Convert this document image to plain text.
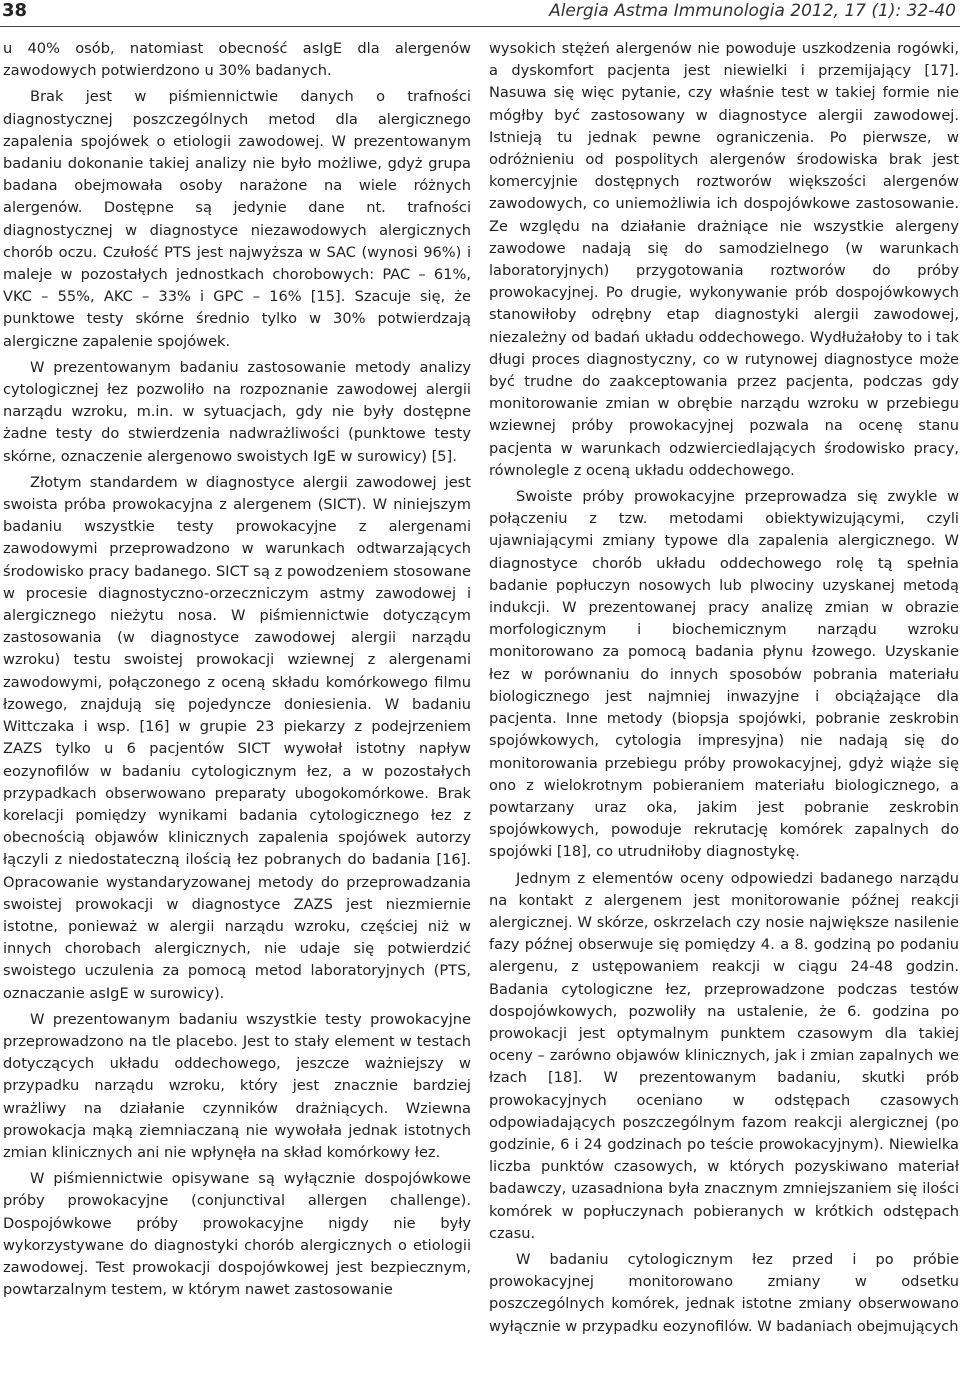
38	Alergia Astma Immunologia 2012, 17 (1): 32-40

u 40% osób, natomiast obecność asIgE dla alergenów zawodowych potwierdzono u 30% badanych.

Brak jest w piśmiennictwie danych o trafności diagnostycznej poszczególnych metod dla alergicznego zapalenia spojówek o etiologii zawodowej. W prezentowanym badaniu dokonanie takiej analizy nie było możliwe, gdyż grupa badana obejmowała osoby narażone na wiele różnych alergenów. Dostępne są jedynie dane nt. trafności diagnostycznej w diagnostyce niezawodowych alergicznych chorób oczu. Czułość PTS jest najwyższa w SAC (wynosi 96%) i maleje w pozostałych jednostkach chorobowych: PAC – 61%, VKC – 55%, AKC – 33% i GPC – 16% [15]. Szacuje się, że punktowe testy skórne średnio tylko w 30% potwierdzają alergiczne zapalenie spojówek.

W prezentowanym badaniu zastosowanie metody analizy cytologicznej łez pozwoliło na rozpoznanie zawodowej alergii narządu wzroku, m.in. w sytuacjach, gdy nie były dostępne żadne testy do stwierdzenia nadwrażliwości (punktowe testy skórne, oznaczenie alergenowo swoistych IgE w surowicy) [5].

Złotym standardem w diagnostyce alergii zawodowej jest swoista próba prowokacyjna z alergenem (SICT). W niniejszym badaniu wszystkie testy prowokacyjne z alergenami zawodowymi przeprowadzono w warunkach odtwarzających środowisko pracy badanego. SICT są z powodzeniem stosowane w procesie diagnostyczno-orzeczniczym astmy zawodowej i alergicznego nieżytu nosa. W piśmiennictwie dotyczącym zastosowania (w diagnostyce zawodowej alergii narządu wzroku) testu swoistej prowokacji wziewnej z alergenami zawodowymi, połączonego z oceną składu komórkowego filmu łzowego, znajdują się pojedyncze doniesienia. W badaniu Wittczaka i wsp. [16] w grupie 23 piekarzy z podejrzeniem ZAZS tylko u 6 pacjentów SICT wywołał istotny napływ eozynofilów w badaniu cytologicznym łez, a w pozostałych przypadkach obserwowano preparaty ubogokomórkowe. Brak korelacji pomiędzy wynikami badania cytologicznego łez z obecnością objawów klinicznych zapalenia spojówek autorzy łączyli z niedostateczną ilością łez pobranych do badania [16]. Opracowanie wystandaryzowanej metody do przeprowadzania swoistej prowokacji w diagnostyce ZAZS jest niezmiernie istotne, ponieważ w alergii narządu wzroku, częściej niż w innych chorobach alergicznych, nie udaje się potwierdzić swoistego uczulenia za pomocą metod laboratoryjnych (PTS, oznaczanie asIgE w surowicy).

W prezentowanym badaniu wszystkie testy prowokacyjne przeprowadzono na tle placebo. Jest to stały element w testach dotyczących układu oddechowego, jeszcze ważniejszy w przypadku narządu wzroku, który jest znacznie bardziej wrażliwy na działanie czynników drażniących. Wziewna prowokacja mąką ziemniaczaną nie wywołała jednak istotnych zmian klinicznych ani nie wpłynęła na skład komórkowy łez.

W piśmiennictwie opisywane są wyłącznie dospojówkowe próby prowokacyjne (conjunctival allergen challenge). Dospojówkowe próby prowokacyjne nigdy nie były wykorzystywane do diagnostyki chorób alergicznych o etiologii zawodowej. Test prowokacji dospojówkowej jest bezpiecznym, powtarzalnym testem, w którym nawet zastosowanie

wysokich stężeń alergenów nie powoduje uszkodzenia rogówki, a dyskomfort pacjenta jest niewielki i przemijający [17]. Nasuwa się więc pytanie, czy właśnie test w takiej formie nie mógłby być zastosowany w diagnostyce alergii zawodowej. Istnieją tu jednak pewne ograniczenia. Po pierwsze, w odróżnieniu od pospolitych alergenów środowiska brak jest komercyjnie dostępnych roztworów większości alergenów zawodowych, co uniemożliwia ich dospojówkowe zastosowanie. Ze względu na działanie drażniące nie wszystkie alergeny zawodowe nadają się do samodzielnego (w warunkach laboratoryjnych) przygotowania roztworów do próby prowokacyjnej. Po drugie, wykonywanie prób dospojówkowych stanowiłoby odrębny etap diagnostyki alergii zawodowej, niezależny od badań układu oddechowego. Wydłużałoby to i tak długi proces diagnostyczny, co w rutynowej diagnostyce może być trudne do zaakceptowania przez pacjenta, podczas gdy monitorowanie zmian w obrębie narządu wzroku w przebiegu wziewnej próby prowokacyjnej pozwala na ocenę stanu pacjenta w warunkach odzwierciedlających środowisko pracy, równolegle z oceną układu oddechowego.

Swoiste próby prowokacyjne przeprowadza się zwykle w połączeniu z tzw. metodami obiektywizującymi, czyli ujawniającymi zmiany typowe dla zapalenia alergicznego. W diagnostyce chorób układu oddechowego rolę tą spełnia badanie popłuczyn nosowych lub plwociny uzyskanej metodą indukcji. W prezentowanej pracy analizę zmian w obrazie morfologicznym i biochemicznym narządu wzroku monitorowano za pomocą badania płynu łzowego. Uzyskanie łez w porównaniu do innych sposobów pobrania materiału biologicznego jest najmniej inwazyjne i obciążające dla pacjenta. Inne metody (biopsja spojówki, pobranie zeskrobin spojówkowych, cytologia impresyjna) nie nadają się do monitorowania przebiegu próby prowokacyjnej, gdyż wiąże się ono z wielokrotnym pobieraniem materiału biologicznego, a powtarzany uraz oka, jakim jest pobranie zeskrobin spojówkowych, powoduje rekrutację komórek zapalnych do spojówki [18], co utrudniłoby diagnostykę.

Jednym z elementów oceny odpowiedzi badanego narządu na kontakt z alergenem jest monitorowanie późnej reakcji alergicznej. W skórze, oskrzelach czy nosie największe nasilenie fazy późnej obserwuje się pomiędzy 4. a 8. godziną po podaniu alergenu, z ustępowaniem reakcji w ciągu 24-48 godzin. Badania cytologiczne łez, przeprowadzone podczas testów dospojówkowych, pozwoliły na ustalenie, że 6. godzina po prowokacji jest optymalnym punktem czasowym dla takiej oceny – zarówno objawów klinicznych, jak i zmian zapalnych we łzach [18]. W prezentowanym badaniu, skutki prób prowokacyjnych oceniano w odstępach czasowych odpowiadających poszczególnym fazom reakcji alergicznej (po godzinie, 6 i 24 godzinach po teście prowokacyjnym). Niewielka liczba punktów czasowych, w których pozyskiwano materiał badawczy, uzasadniona była znacznym zmniejszaniem się ilości komórek w popłuczynach pobieranych w krótkich odstępach czasu.

W badaniu cytologicznym łez przed i po próbie prowokacyjnej monitorowano zmiany w odsetku poszczególnych komórek, jednak istotne zmiany obserwowano wyłącznie w przypadku eozynofilów. W badaniach obejmujących
